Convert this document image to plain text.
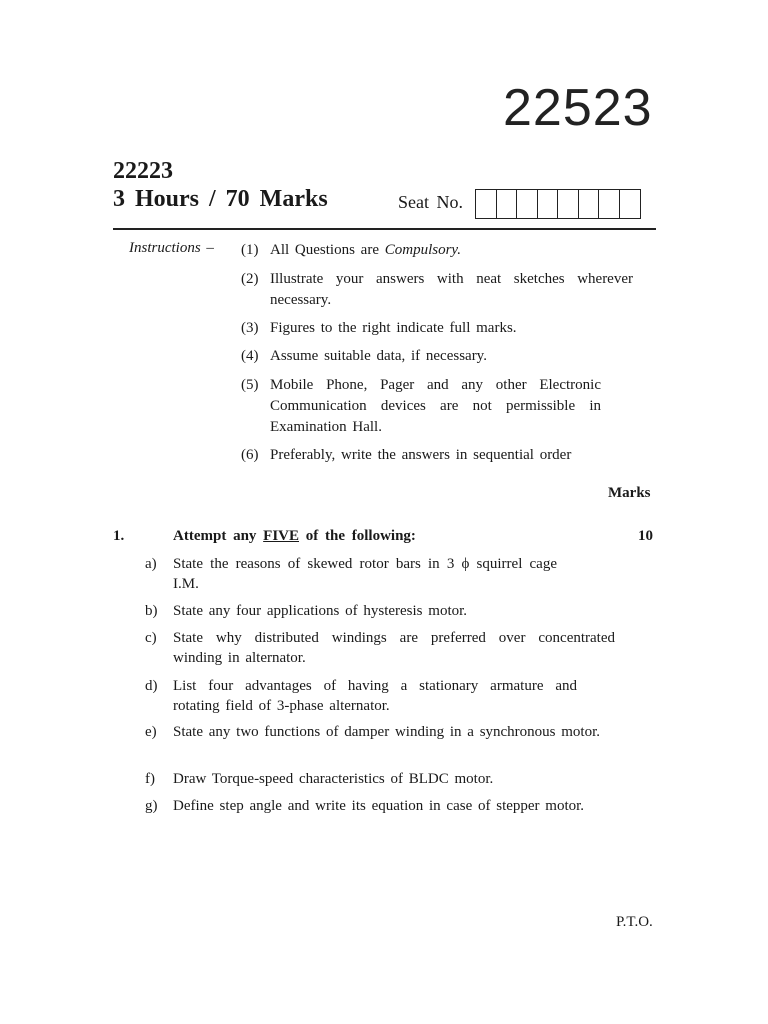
22523
22223
3 Hours / 70 Marks	Seat No.
Instructions – (1) All Questions are Compulsory.
(2) Illustrate your answers with neat sketches wherever necessary.
(3) Figures to the right indicate full marks.
(4) Assume suitable data, if necessary.
(5) Mobile Phone, Pager and any other Electronic Communication devices are not permissible in Examination Hall.
(6) Preferably, write the answers in sequential order
Marks
1.	Attempt any FIVE of the following:	10
a) State the reasons of skewed rotor bars in 3 ϕ squirrel cage I.M.
b) State any four applications of hysteresis motor.
c) State why distributed windings are preferred over concentrated winding in alternator.
d) List four advantages of having a stationary armature and rotating field of 3-phase alternator.
e) State any two functions of damper winding in a synchronous motor.
f) Draw Torque-speed characteristics of BLDC motor.
g) Define step angle and write its equation in case of stepper motor.
P.T.O.
